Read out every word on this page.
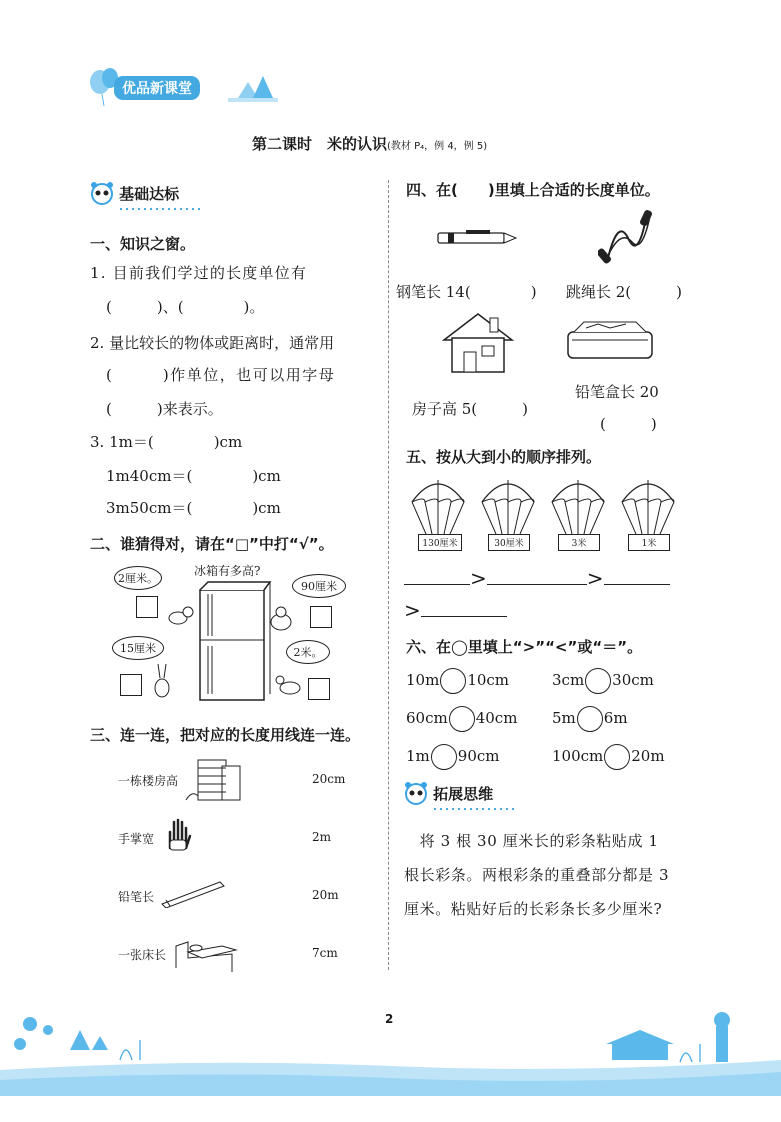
优品新课堂
第二课时　米的认识(教材 P₄，例 4，例 5)
基础达标
一、知识之窗。
1. 目前我们学过的长度单位有
(　　　)、(　　　　)。
2. 量比较长的物体或距离时，通常用
(　　　)作单位，也可以用字母
(　　　)来表示。
3. 1m＝(　　　　)cm
1m40cm＝(　　　　)cm
3m50cm＝(　　　　)cm
二、谁猜得对，请在“□”中打“√”。
冰箱有多高?
2厘米。
90厘米
15厘米	2米。
三、连一连，把对应的长度用线连一连。
一栋楼房高	20cm
手掌宽	2m
铅笔长	20m
一张床长	7cm
四、在(　　)里填上合适的长度单位。
钢笔长 14(　　　　) 跳绳长 2(　　　)
房子高 5(　　　)
铅笔盒长 20
(　　　)
五、按从大到小的顺序排列。
130厘米	30厘米	3米	1米
>	>
>
六、在◯里填上“>”“<”或“＝”。
10m 10cm	3cm 30cm
60cm 40cm 5m 6m
1m 90cm	100cm 20m
拓展思维
　将 3 根 30 厘米长的彩条粘贴成 1
根长彩条。两根彩条的重叠部分都是 3
厘米。粘贴好后的长彩条长多少厘米?
2
